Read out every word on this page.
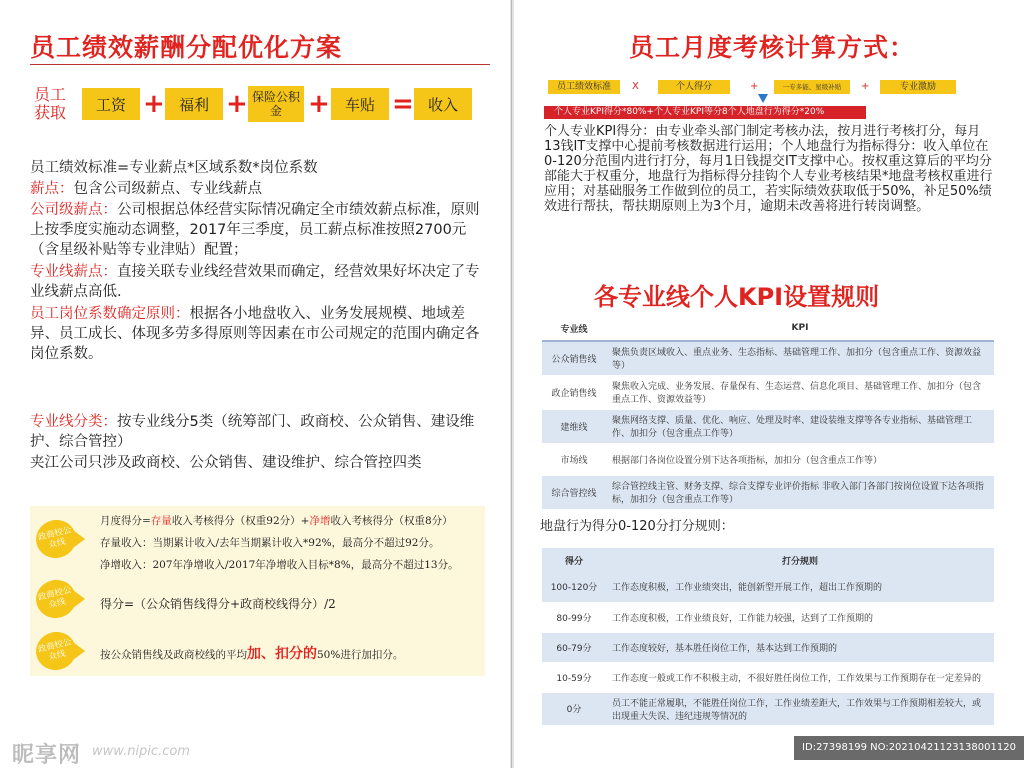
员工绩效薪酬分配优化方案
员工获取	工资 + 福利 + 保险公积金	+	车贴 = 收入
员工绩效标准=专业薪点*区域系数*岗位系数
薪点：包含公司级薪点、专业线薪点
公司级薪点：公司根据总体经营实际情况确定全市绩效薪点标准，原则上按季度实施动态调整，2017年三季度，员工薪点标准按照2700元（含星级补贴等专业津贴）配置；
专业线薪点：直接关联专业线经营效果而确定，经营效果好坏决定了专业线薪点高低.
员工岗位系数确定原则：根据各小地盘收入、业务发展规模、地域差异、员工成长、体现多劳多得原则等因素在市公司规定的范围内确定各岗位系数。
专业线分类：按专业线分5类（统筹部门、政商校、公众销售、建设维护、综合管控）
夹江公司只涉及政商校、公众销售、建设维护、综合管控四类
政商校公众线
月度得分=存量收入考核得分（权重92分）+净增收入考核得分（权重8分）
存量收入：当期累计收入/去年当期累计收入*92%，最高分不超过92分。
净增收入：207年净增收入/2017年净增收入目标*8%，最高分不超过13分。
政商校公众线	得分=（公众销售线得分+政商校线得分）/2
政商校公众线	按公众销售线及政商校线的平均加、扣分的50%进行加扣分。
昵享网 www.nipic.com
员工月度考核计算方式：
员工绩效标准	X	个人得分	+	一专多能、星级补贴	+	专业激励
个人专业KPI得分*80%+个人专业KPI等分8个人地盘行为得分*20%
个人专业KPI得分：由专业牵头部门制定考核办法，按月进行考核打分，每月13钱IT支撑中心提前考核数据进行运用；个人地盘行为指标得分：收入单位在0-120分范围内进行打分，每月1日钱提交IT支撑中心。按权重这算后的平均分部能大于权重分，地盘行为指标得分挂钩个人专业考核结果*地盘考核权重进行应用；对基础服务工作做到位的员工，若实际绩效获取低于50%，补足50%绩效进行帮扶，帮扶期原则上为3个月，逾期未改善将进行转岗调整。
各专业线个人KPI设置规则
专业线	KPI
公众销售线	聚焦负责区域收入、重点业务、生态指标、基础管理工作、加扣分（包含重点工作、资源效益等）
政企销售线	聚焦收入完成、业务发展、存量保有、生态运营、信息化项目、基础管理工作、加扣分（包含重点工作、资源效益等）
建维线	聚焦网络支撑、质量、优化、响应、处理及时率、建设装维支撑等各专业指标、基础管理工作、加扣分（包含重点工作等）
市场线	根据部门各岗位设置分别下达各项指标，加扣分（包含重点工作等）
综合管控线	综合管控线主管、财务支撑、综合支撑专业评价指标 非收入部门各部门按岗位设置下达各项指标，加扣分（包含重点工作等）
地盘行为得分0-120分打分规则：
得分	打分规则
100-120分	工作态度积极，工作业绩突出，能创新型开展工作，超出工作预期的
80-99分	工作态度积极，工作业绩良好，工作能力较强，达到了工作预期的
60-79分	工作态度较好，基本胜任岗位工作，基本达到工作预期的
10-59分	工作态度一般或工作不积极主动，不很好胜任岗位工作，工作效果与工作预期存在一定差异的
0分	员工不能正常履职，不能胜任岗位工作，工作业绩差距大，工作效果与工作预期相差较大，或出现重大失误、违纪违规等情况的
ID:27398199 NO:20210421123138001120
